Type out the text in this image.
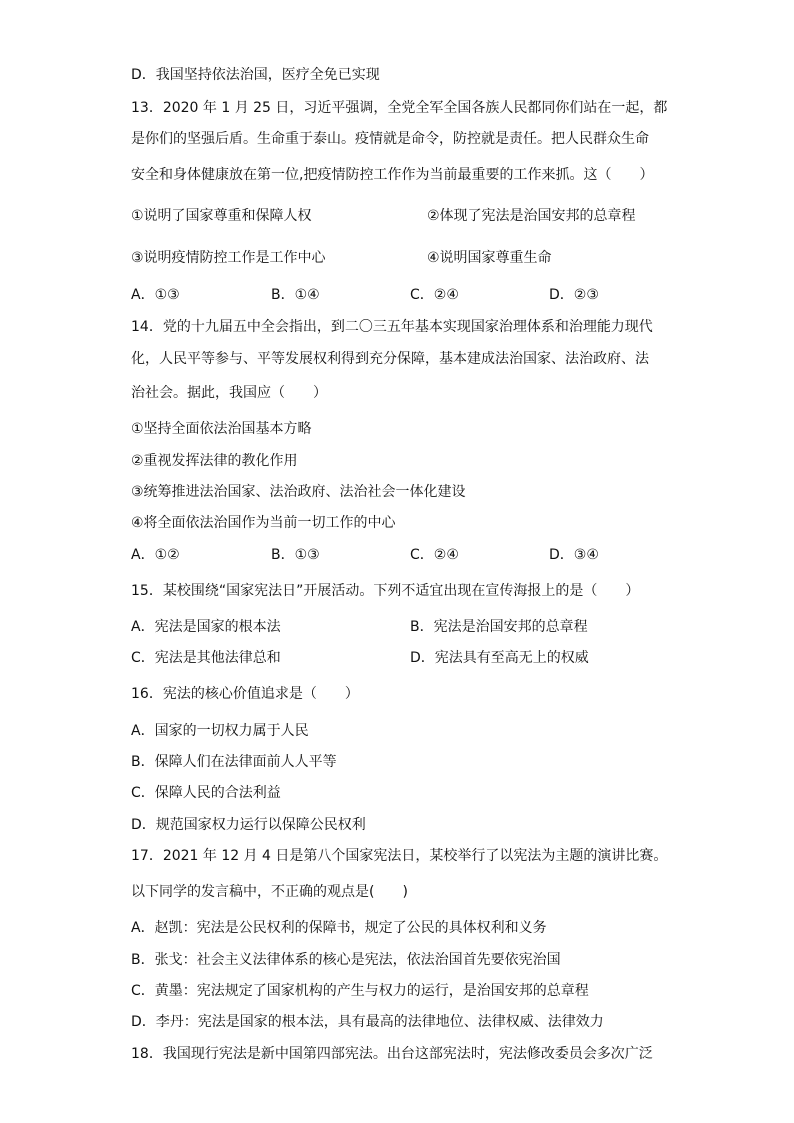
D．我国坚持依法治国，医疗全免已实现
13．2020 年 1 月 25 日，习近平强调，全党全军全国各族人民都同你们站在一起，都
是你们的坚强后盾。生命重于泰山。疫情就是命令，防控就是责任。把人民群众生命
安全和身体健康放在第一位,把疫情防控工作作为当前最重要的工作来抓。这（　　）
①说明了国家尊重和保障人权	②体现了宪法是治国安邦的总章程
③说明疫情防控工作是工作中心	④说明国家尊重生命
A．①③	B．①④	C．②④	D．②③
14．党的十九届五中全会指出，到二〇三五年基本实现国家治理体系和治理能力现代
化，人民平等参与、平等发展权利得到充分保障，基本建成法治国家、法治政府、法
治社会。据此，我国应（　　）
①坚持全面依法治国基本方略
②重视发挥法律的教化作用
③统筹推进法治国家、法治政府、法治社会一体化建设
④将全面依法治国作为当前一切工作的中心
A．①②	B．①③	C．②④	D．③④
15．某校围绕“国家宪法日”开展活动。下列不适宜出现在宣传海报上的是（　　）
A．宪法是国家的根本法	B．宪法是治国安邦的总章程
C．宪法是其他法律总和	D．宪法具有至高无上的权威
16．宪法的核心价值追求是（　　）
A．国家的一切权力属于人民
B．保障人们在法律面前人人平等
C．保障人民的合法利益
D．规范国家权力运行以保障公民权利
17．2021 年 12 月 4 日是第八个国家宪法日，某校举行了以宪法为主题的演讲比赛。
以下同学的发言稿中，不正确的观点是(　　)
A．赵凯：宪法是公民权利的保障书，规定了公民的具体权利和义务
B．张戈：社会主义法律体系的核心是宪法，依法治国首先要依宪治国
C．黄墨：宪法规定了国家机构的产生与权力的运行，是治国安邦的总章程
D．李丹：宪法是国家的根本法，具有最高的法律地位、法律权威、法律效力
18．我国现行宪法是新中国第四部宪法。出台这部宪法时，宪法修改委员会多次广泛
